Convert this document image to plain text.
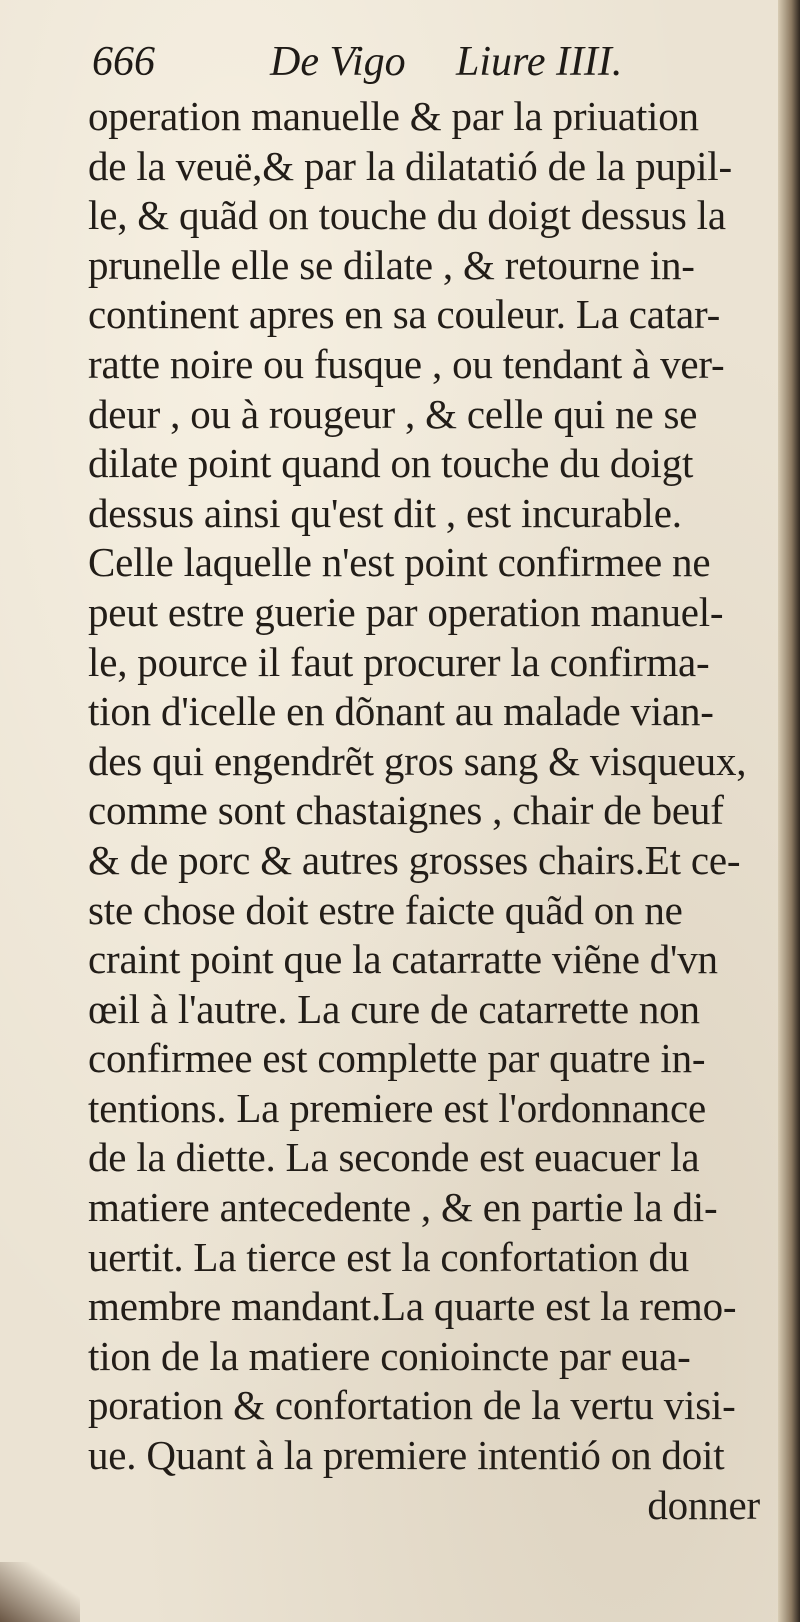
666	De Vigo Liure IIII.
operation manuelle & par la priuation
de la veuë,& par la dilatatió de la pupil-
le, & quãd on touche du doigt dessus la
prunelle elle se dilate , & retourne in-
continent apres en sa couleur. La catar-
ratte noire ou fusque , ou tendant à ver-
deur , ou à rougeur , & celle qui ne se
dilate point quand on touche du doigt
dessus ainsi qu'est dit , est incurable.
Celle laquelle n'est point confirmee ne
peut estre guerie par operation manuel-
le, pource il faut procurer la confirma-
tion d'icelle en dõnant au malade vian-
des qui engendrẽt gros sang & visqueux,
comme sont chastaignes , chair de beuf
& de porc & autres grosses chairs.Et ce-
ste chose doit estre faicte quãd on ne
craint point que la catarratte viẽne d'vn
œil à l'autre. La cure de catarrette non
confirmee est complette par quatre in-
tentions. La premiere est l'ordonnance
de la diette. La seconde est euacuer la
matiere antecedente , & en partie la di-
uertit. La tierce est la confortation du
membre mandant.La quarte est la remo-
tion de la matiere conioincte par eua-
poration & confortation de la vertu visi-
ue. Quant à la premiere intentió on doit
donner
